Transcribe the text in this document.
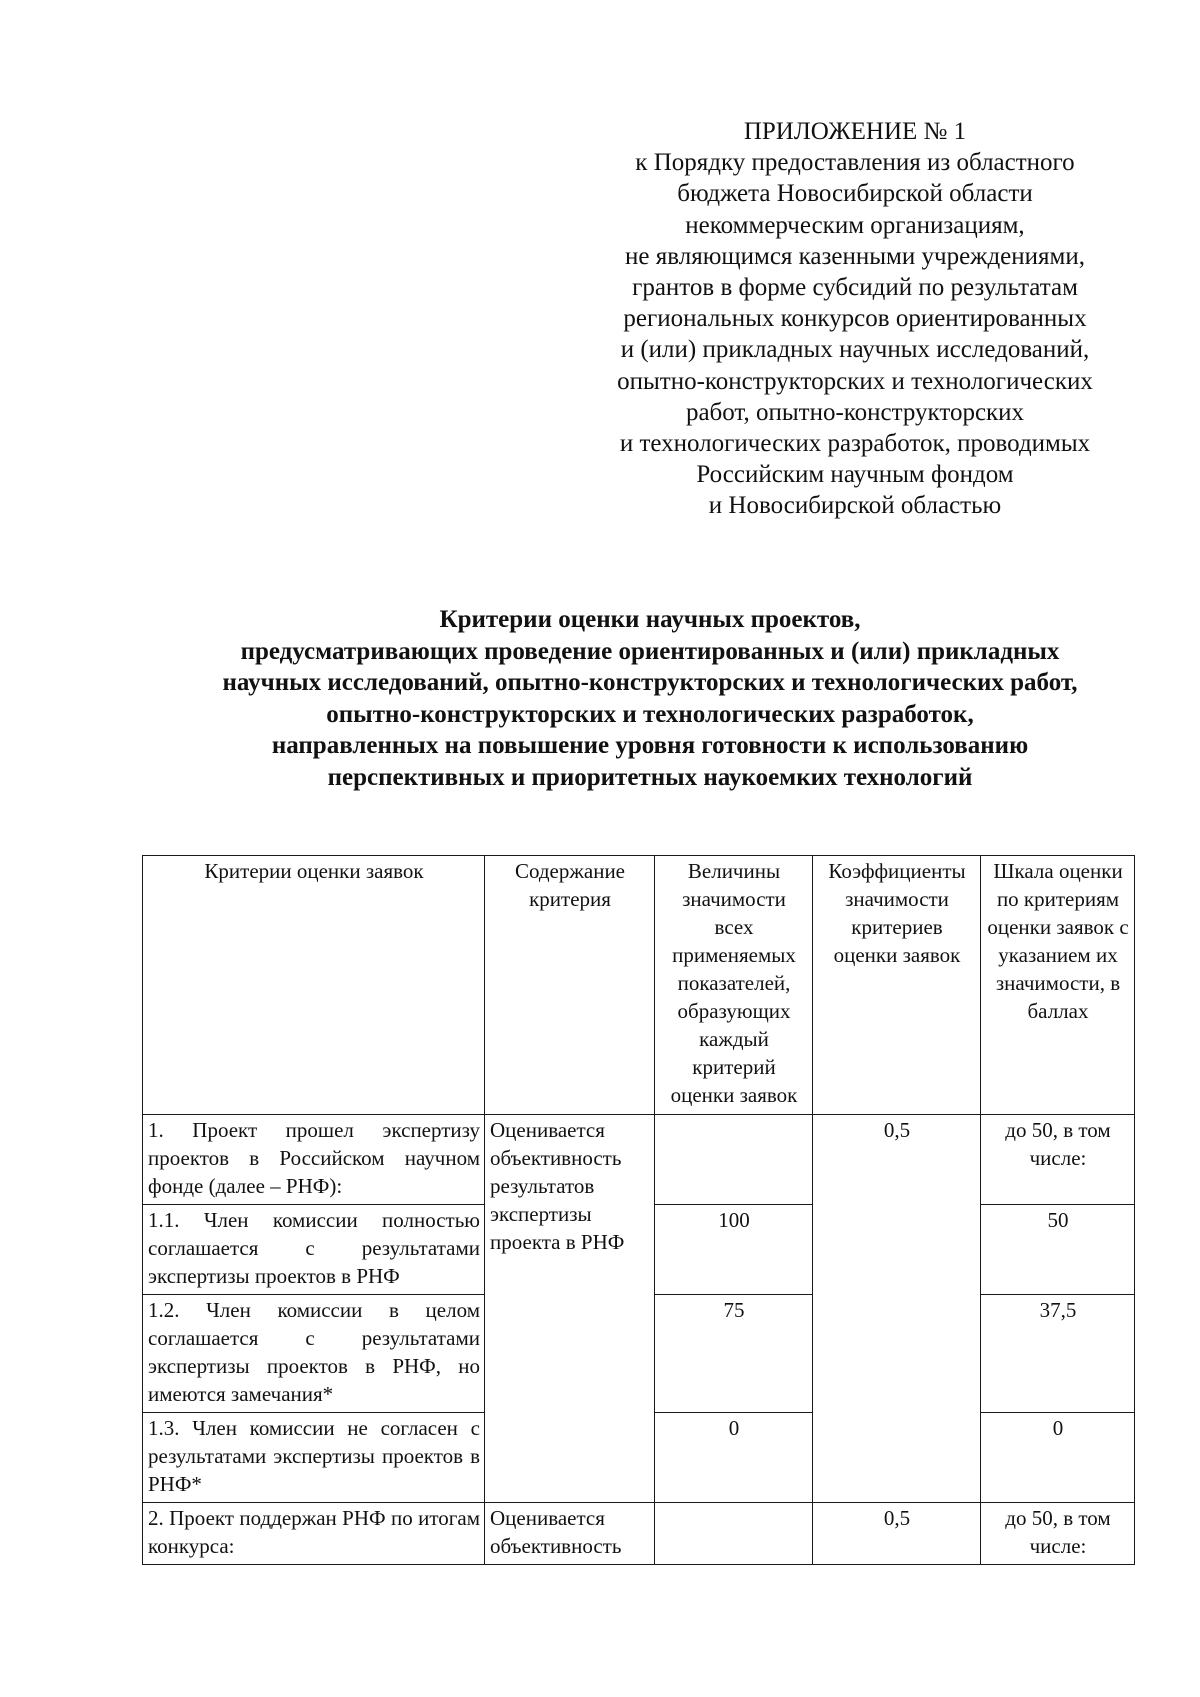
ПРИЛОЖЕНИЕ № 1
к Порядку предоставления из областного
бюджета Новосибирской области
некоммерческим организациям,
не являющимся казенными учреждениями,
грантов в форме субсидий по результатам
региональных конкурсов ориентированных
и (или) прикладных научных исследований,
опытно-конструкторских и технологических
работ, опытно-конструкторских
и технологических разработок, проводимых
Российским научным фондом
и Новосибирской областью
Критерии оценки научных проектов,
предусматривающих проведение ориентированных и (или) прикладных
научных исследований, опытно-конструкторских и технологических работ,
опытно-конструкторских и технологических разработок,
направленных на повышение уровня готовности к использованию
перспективных и приоритетных наукоемких технологий
Критерии оценки заявок	Содержание критерия	Величины значимости всех применяемых показателей, образующих каждый критерий оценки заявок	Коэффициенты значимости критериев оценки заявок	Шкала оценки по критериям оценки заявок с указанием их значимости, в баллах
1. Проект прошел экспертизу проектов в Российском научном фонде (далее – РНФ):	Оценивается объективность результатов экспертизы проекта в РНФ		0,5	до 50, в том числе:
1.1. Член комиссии полностью соглашается с результатами экспертизы проектов в РНФ		100		50
1.2. Член комиссии в целом соглашается с результатами экспертизы проектов в РНФ, но имеются замечания*		75		37,5
1.3. Член комиссии не согласен с результатами экспертизы проектов в РНФ*		0		0
2. Проект поддержан РНФ по итогам конкурса:	Оценивается объективность		0,5	до 50, в том числе:
